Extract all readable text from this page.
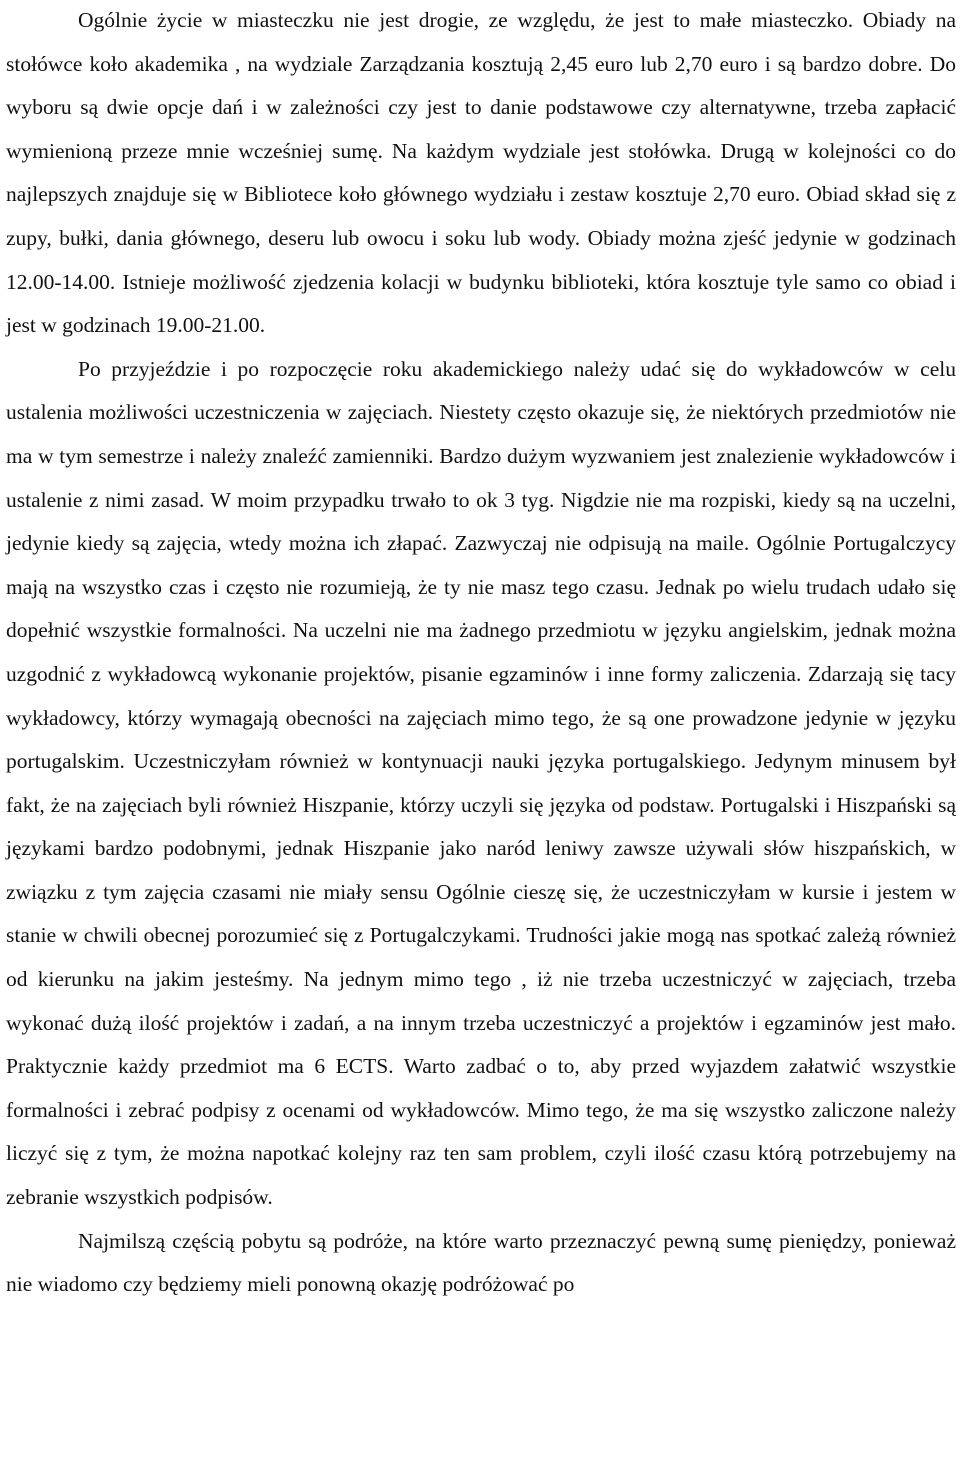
Ogólnie życie w miasteczku nie jest drogie, ze względu, że jest to małe miasteczko. Obiady na stołówce koło akademika , na wydziale Zarządzania kosztują 2,45 euro lub 2,70 euro i są bardzo dobre. Do wyboru są dwie opcje dań i w zależności czy jest to danie podstawowe czy alternatywne, trzeba zapłacić wymienioną przeze mnie wcześniej sumę. Na każdym wydziale jest stołówka. Drugą w kolejności co do najlepszych znajduje się w Bibliotece koło głównego wydziału i zestaw kosztuje 2,70 euro. Obiad skład się z zupy, bułki, dania głównego, deseru lub owocu i soku lub wody. Obiady można zjeść jedynie w godzinach 12.00-14.00. Istnieje możliwość zjedzenia kolacji w budynku biblioteki, która kosztuje tyle samo co obiad i jest w godzinach 19.00-21.00.

Po przyjeździe i po rozpoczęcie roku akademickiego należy udać się do wykładowców w celu ustalenia możliwości uczestniczenia w zajęciach. Niestety często okazuje się, że niektórych przedmiotów nie ma w tym semestrze i należy znaleźć zamienniki. Bardzo dużym wyzwaniem jest znalezienie wykładowców i ustalenie z nimi zasad. W moim przypadku trwało to ok 3 tyg. Nigdzie nie ma rozpiski, kiedy są na uczelni, jedynie kiedy są zajęcia, wtedy można ich złapać. Zazwyczaj nie odpisują na maile. Ogólnie Portugalczycy mają na wszystko czas i często nie rozumieją, że ty nie masz tego czasu. Jednak po wielu trudach udało się dopełnić wszystkie formalności. Na uczelni nie ma żadnego przedmiotu w języku angielskim, jednak można uzgodnić z wykładowcą wykonanie projektów, pisanie egzaminów i inne formy zaliczenia. Zdarzają się tacy wykładowcy, którzy wymagają obecności na zajęciach mimo tego, że są one prowadzone jedynie w języku portugalskim. Uczestniczyłam również w kontynuacji nauki języka portugalskiego. Jedynym minusem był fakt, że na zajęciach byli również Hiszpanie, którzy uczyli się języka od podstaw. Portugalski i Hiszpański są językami bardzo podobnymi, jednak Hiszpanie jako naród leniwy zawsze używali słów hiszpańskich, w związku z tym zajęcia czasami nie miały sensu Ogólnie cieszę się, że uczestniczyłam w kursie i jestem w stanie w chwili obecnej porozumieć się z Portugalczykami. Trudności jakie mogą nas spotkać zależą również od kierunku na jakim jesteśmy. Na jednym mimo tego , iż nie trzeba uczestniczyć w zajęciach, trzeba wykonać dużą ilość projektów i zadań, a na innym trzeba uczestniczyć a projektów i egzaminów jest mało. Praktycznie każdy przedmiot ma 6 ECTS. Warto zadbać o to, aby przed wyjazdem załatwić wszystkie formalności i zebrać podpisy z ocenami od wykładowców. Mimo tego, że ma się wszystko zaliczone należy liczyć się z tym, że można napotkać kolejny raz ten sam problem, czyli ilość czasu którą potrzebujemy na zebranie wszystkich podpisów.

Najmilszą częścią pobytu są podróże, na które warto przeznaczyć pewną sumę pieniędzy, ponieważ nie wiadomo czy będziemy mieli ponowną okazję podróżować po
